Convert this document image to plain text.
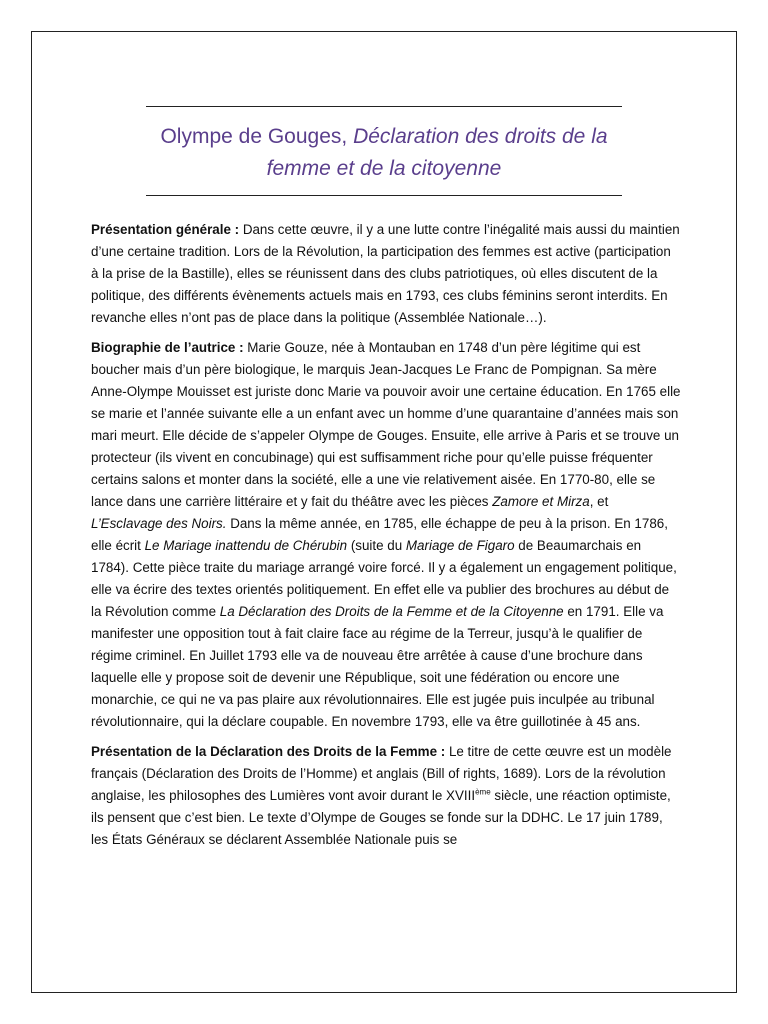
Olympe de Gouges, Déclaration des droits de la
femme et de la citoyenne

Présentation générale : Dans cette œuvre, il y a une lutte contre l’inégalité mais aussi du maintien d’une certaine tradition. Lors de la Révolution, la participation des femmes est active (participation à la prise de la Bastille), elles se réunissent dans des clubs patriotiques, où elles discutent de la politique, des différents évènements actuels mais en 1793, ces clubs féminins seront interdits. En revanche elles n’ont pas de place dans la politique (Assemblée Nationale…).

Biographie de l’autrice : Marie Gouze, née à Montauban en 1748 d’un père légitime qui est boucher mais d’un père biologique, le marquis Jean-Jacques Le Franc de Pompignan. Sa mère Anne-Olympe Mouisset est juriste donc Marie va pouvoir avoir une certaine éducation. En 1765 elle se marie et l’année suivante elle a un enfant avec un homme d’une quarantaine d’années mais son mari meurt. Elle décide de s’appeler Olympe de Gouges. Ensuite, elle arrive à Paris et se trouve un protecteur (ils vivent en concubinage) qui est suffisamment riche pour qu’elle puisse fréquenter certains salons et monter dans la société, elle a une vie relativement aisée. En 1770-80, elle se lance dans une carrière littéraire et y fait du théâtre avec les pièces Zamore et Mirza, et L’Esclavage des Noirs. Dans la même année, en 1785, elle échappe de peu à la prison. En 1786, elle écrit Le Mariage inattendu de Chérubin (suite du Mariage de Figaro de Beaumarchais en 1784). Cette pièce traite du mariage arrangé voire forcé. Il y a également un engagement politique, elle va écrire des textes orientés politiquement. En effet elle va publier des brochures au début de la Révolution comme La Déclaration des Droits de la Femme et de la Citoyenne en 1791. Elle va manifester une opposition tout à fait claire face au régime de la Terreur, jusqu’à le qualifier de régime criminel. En Juillet 1793 elle va de nouveau être arrêtée à cause d’une brochure dans laquelle elle y propose soit de devenir une République, soit une fédération ou encore une monarchie, ce qui ne va pas plaire aux révolutionnaires. Elle est jugée puis inculpée au tribunal révolutionnaire, qui la déclare coupable. En novembre 1793, elle va être guillotinée à 45 ans.

Présentation de la Déclaration des Droits de la Femme : Le titre de cette œuvre est un modèle français (Déclaration des Droits de l’Homme) et anglais (Bill of rights, 1689). Lors de la révolution anglaise, les philosophes des Lumières vont avoir durant le XVIIIème siècle, une réaction optimiste, ils pensent que c’est bien. Le texte d’Olympe de Gouges se fonde sur la DDHC. Le 17 juin 1789, les États Généraux se déclarent Assemblée Nationale puis se
